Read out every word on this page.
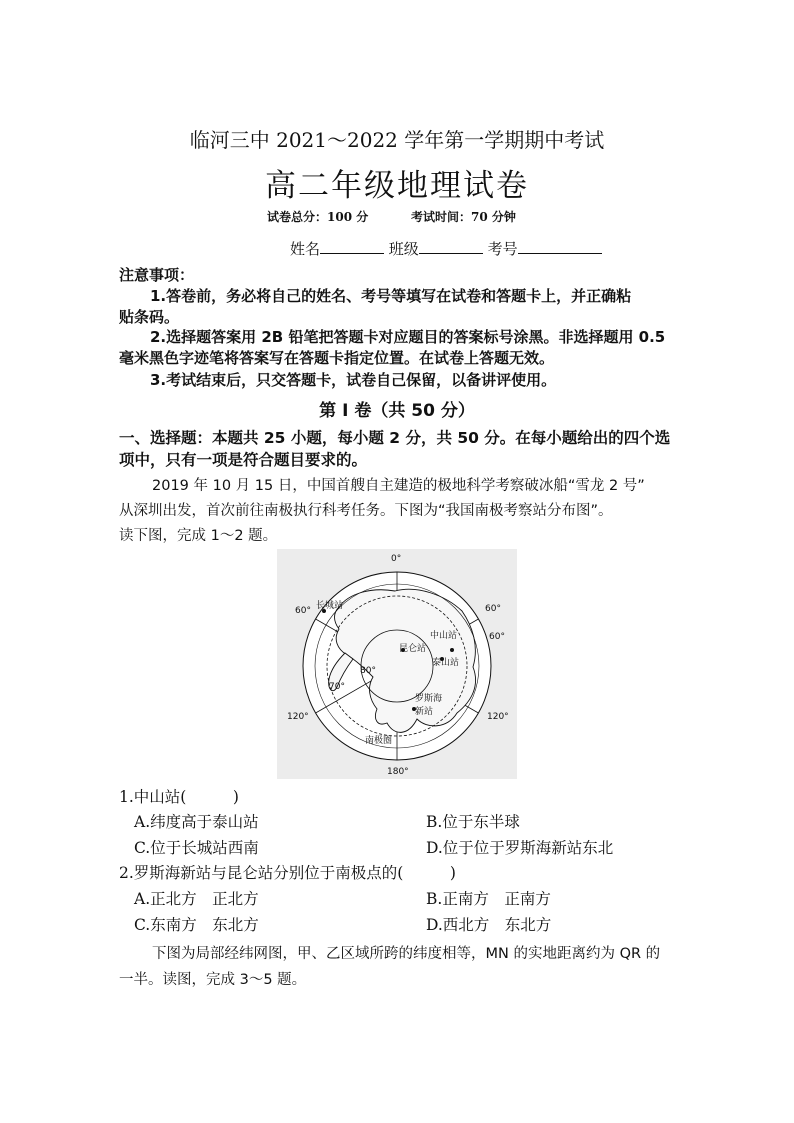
临河三中 2021～2022 学年第一学期期中考试
高二年级地理试卷
试卷总分：100 分	考试时间：70 分钟
姓名	班级	考号
注意事项：
1.答卷前，务必将自己的姓名、考号等填写在试卷和答题卡上，并正确粘
贴条码。
2.选择题答案用 2B 铅笔把答题卡对应题目的答案标号涂黑。非选择题用 0.5
毫米黑色字迹笔将答案写在答题卡指定位置。在试卷上答题无效。
3.考试结束后，只交答题卡，试卷自己保留，以备讲评使用。
第 Ⅰ 卷（共 50 分）
一、选择题：本题共 25 小题，每小题 2 分，共 50 分。在每小题给出的四个选
项中，只有一项是符合题目要求的。
2019 年 10 月 15 日，中国首艘自主建造的极地科学考察破冰船“雪龙 2 号”
从深圳出发，首次前往南极执行科考任务。下图为“我国南极考察站分布图”。
读下图，完成 1～2 题。
0°
180°
60°	60°
60°
70°
80°
120°	120°
长城站
中山站
昆仑站
泰山站
罗斯海
新站
南极圈
1.中山站(　　　)
A.纬度高于泰山站	B.位于东半球
C.位于长城站西南	D.位于位于罗斯海新站东北
2.罗斯海新站与昆仑站分别位于南极点的(　　　)
A.正北方　正北方	B.正南方　正南方
C.东南方　东北方	D.西北方　东北方
下图为局部经纬网图，甲、乙区域所跨的纬度相等，MN 的实地距离约为 QR 的
一半。读图，完成 3～5 题。
